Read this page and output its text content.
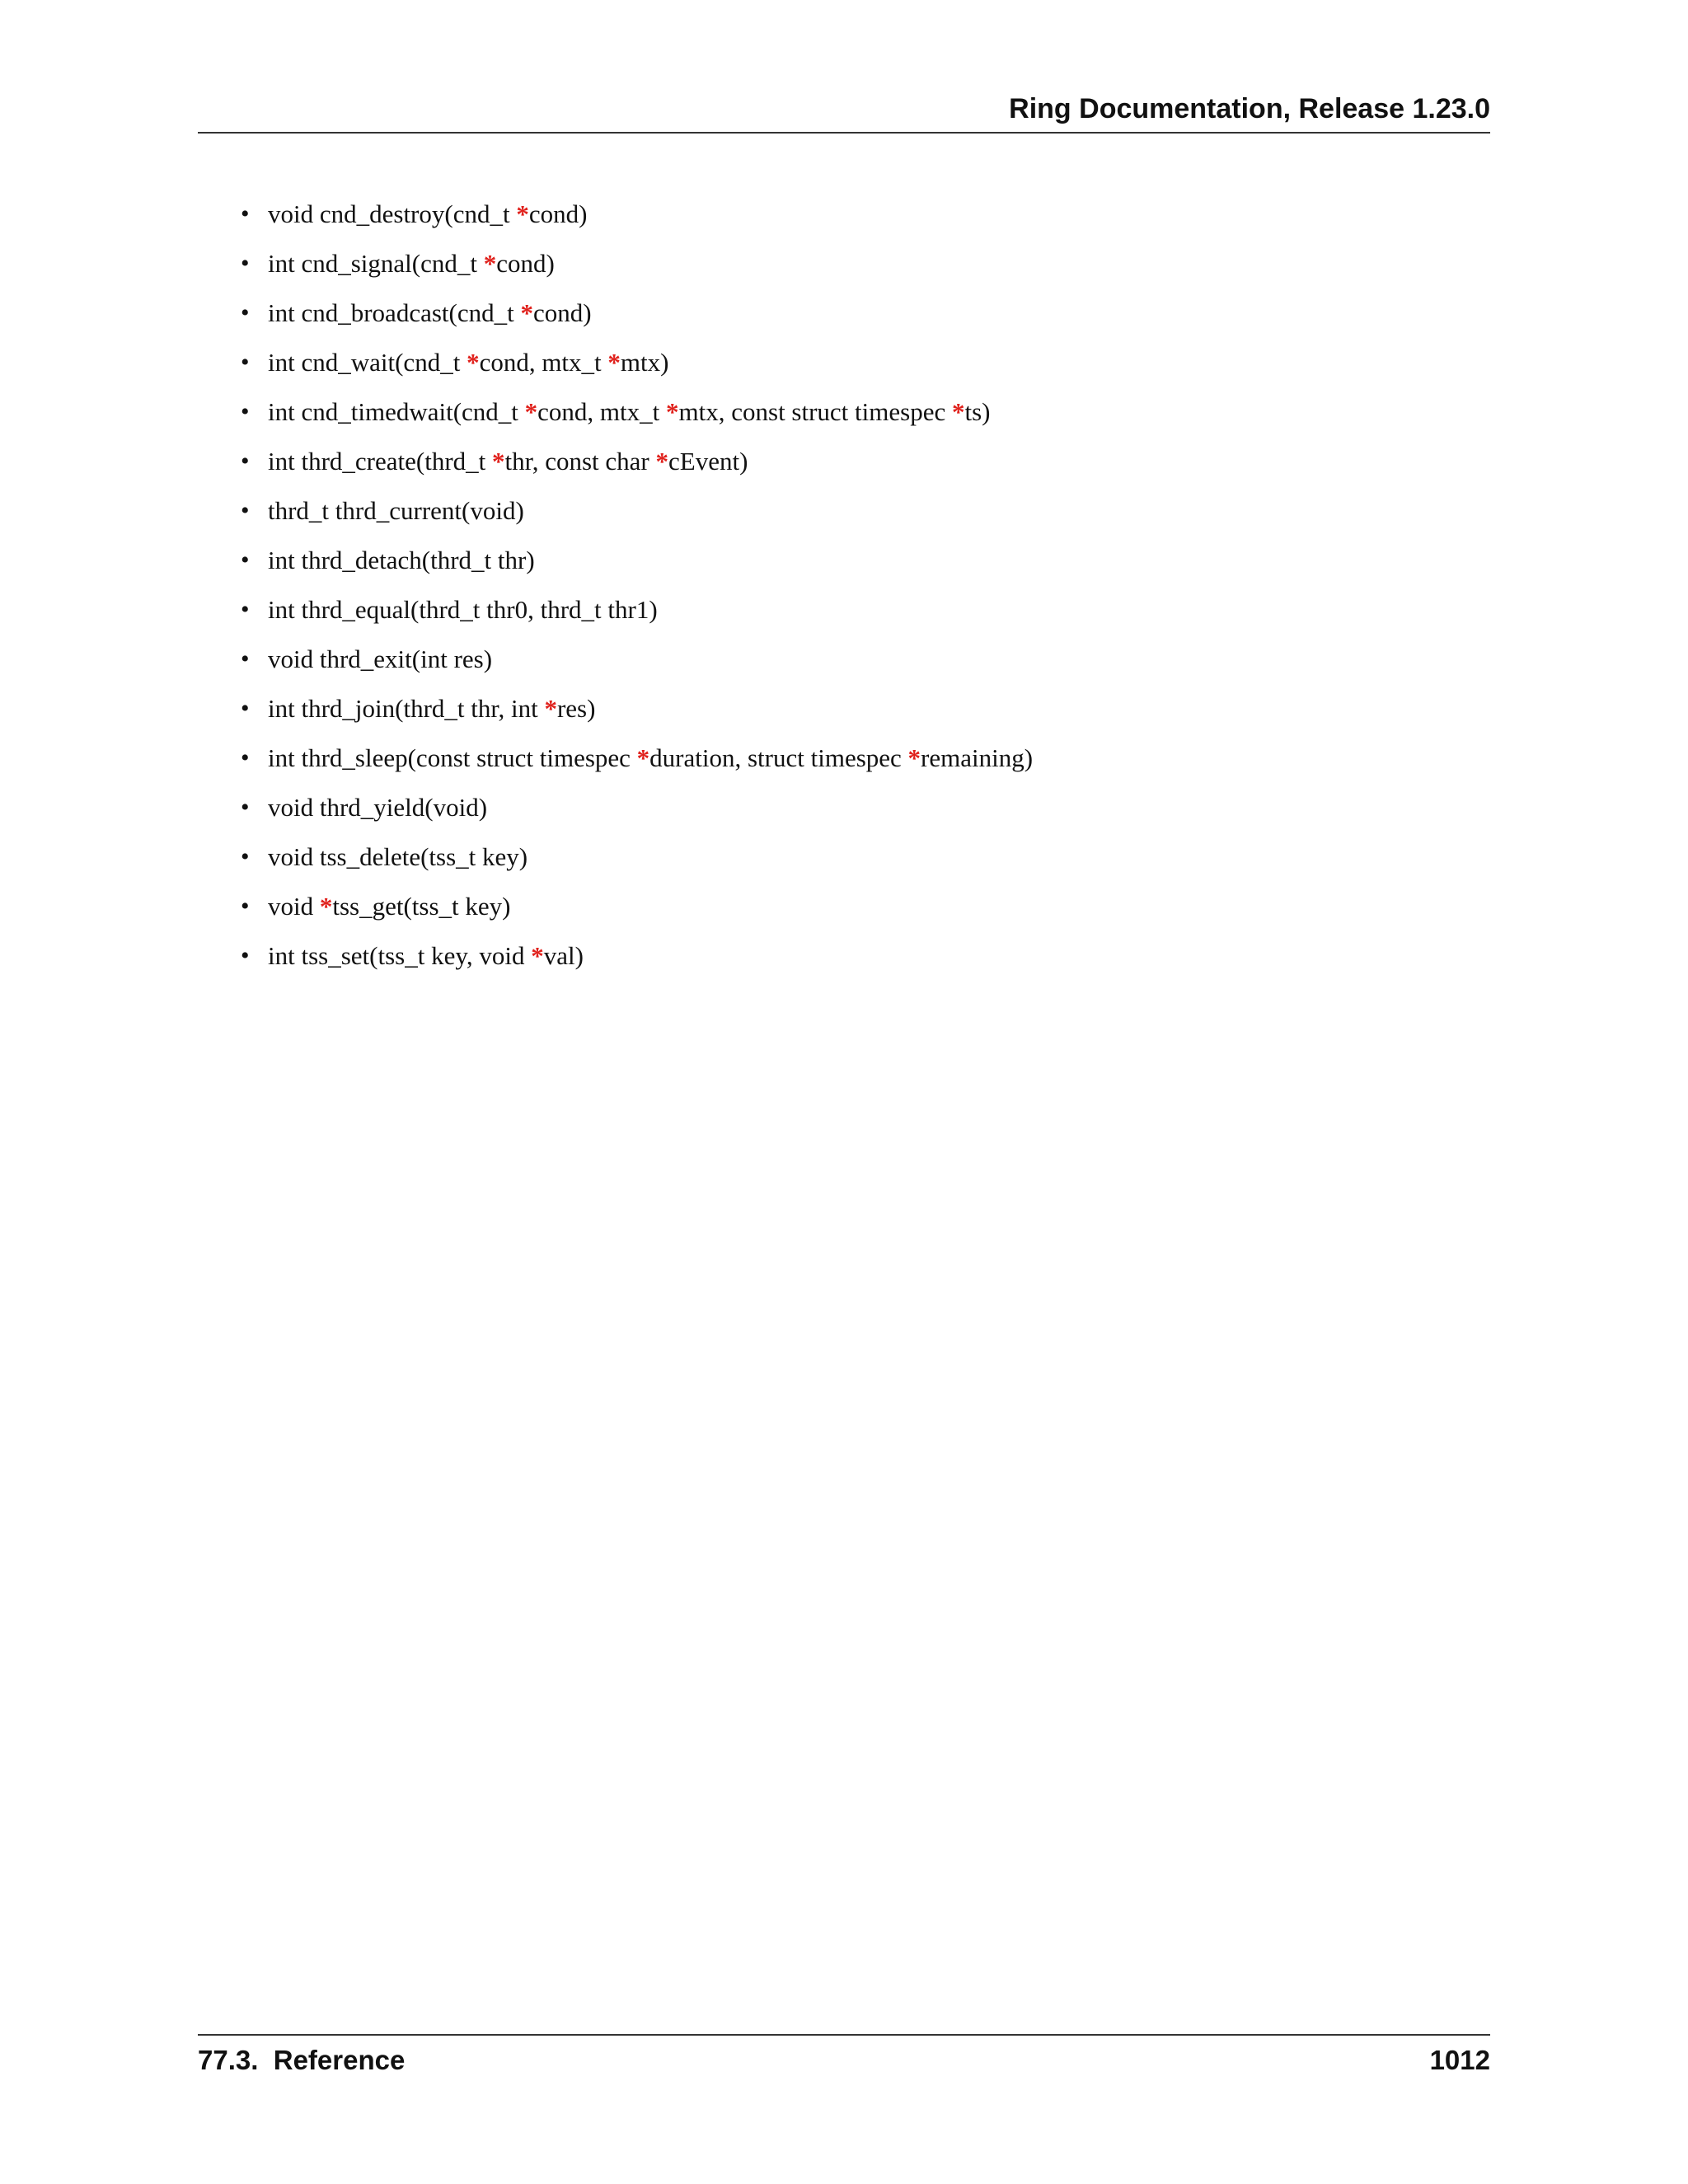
Ring Documentation, Release 1.23.0
• void cnd_destroy(cnd_t *cond)
• int cnd_signal(cnd_t *cond)
• int cnd_broadcast(cnd_t *cond)
• int cnd_wait(cnd_t *cond, mtx_t *mtx)
• int cnd_timedwait(cnd_t *cond, mtx_t *mtx, const struct timespec *ts)
• int thrd_create(thrd_t *thr, const char *cEvent)
• thrd_t thrd_current(void)
• int thrd_detach(thrd_t thr)
• int thrd_equal(thrd_t thr0, thrd_t thr1)
• void thrd_exit(int res)
• int thrd_join(thrd_t thr, int *res)
• int thrd_sleep(const struct timespec *duration, struct timespec *remaining)
• void thrd_yield(void)
• void tss_delete(tss_t key)
• void *tss_get(tss_t key)
• int tss_set(tss_t key, void *val)
77.3.  Reference	1012
